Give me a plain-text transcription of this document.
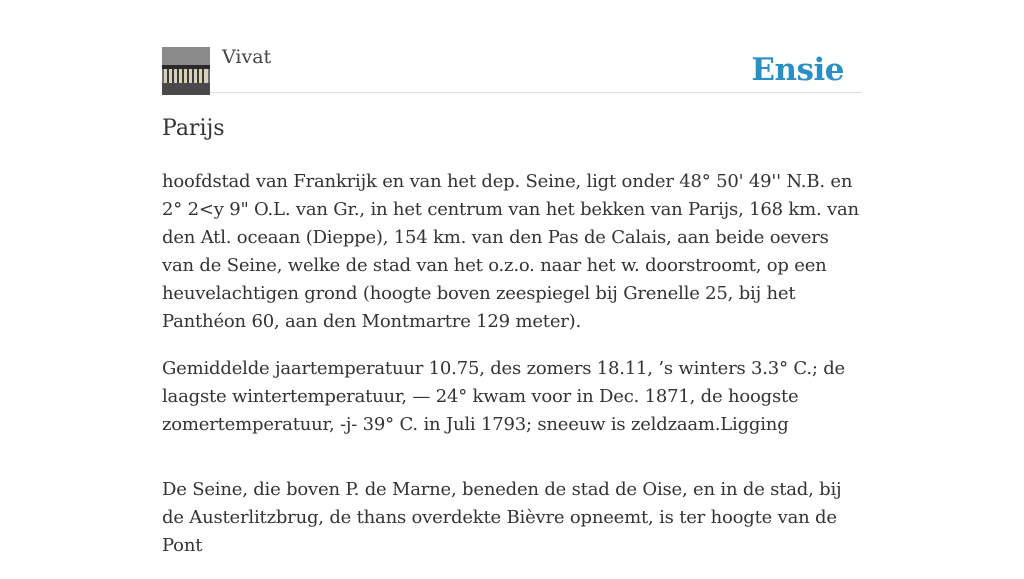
Vivat	Ensie
Parijs

hoofdstad van Frankrijk en van het dep. Seine, ligt onder 48° 50' 49'' N.B. en 2° 2<y 9" O.L. van Gr., in het centrum van het bekken van Parijs, 168 km. van den Atl. oceaan (Dieppe), 154 km. van den Pas de Calais, aan beide oevers van de Seine, welke de stad van het o.z.o. naar het w. doorstroomt, op een heuvelachtigen grond (hoogte boven zeespiegel bij Grenelle 25, bij het Panthéon 60, aan den Montmartre 129 meter).

Gemiddelde jaartemperatuur 10.75, des zomers 18.11, ’s winters 3.3° C.; de laagste wintertemperatuur, — 24° kwam voor in Dec. 1871, de hoogste zomertemperatuur, -j- 39° C. in Juli 1793; sneeuw is zeldzaam.Ligging

De Seine, die boven P. de Marne, beneden de stad de Oise, en in de stad, bij de Austerlitzbrug, de thans overdekte Bièvre opneemt, is ter hoogte van de Pont
